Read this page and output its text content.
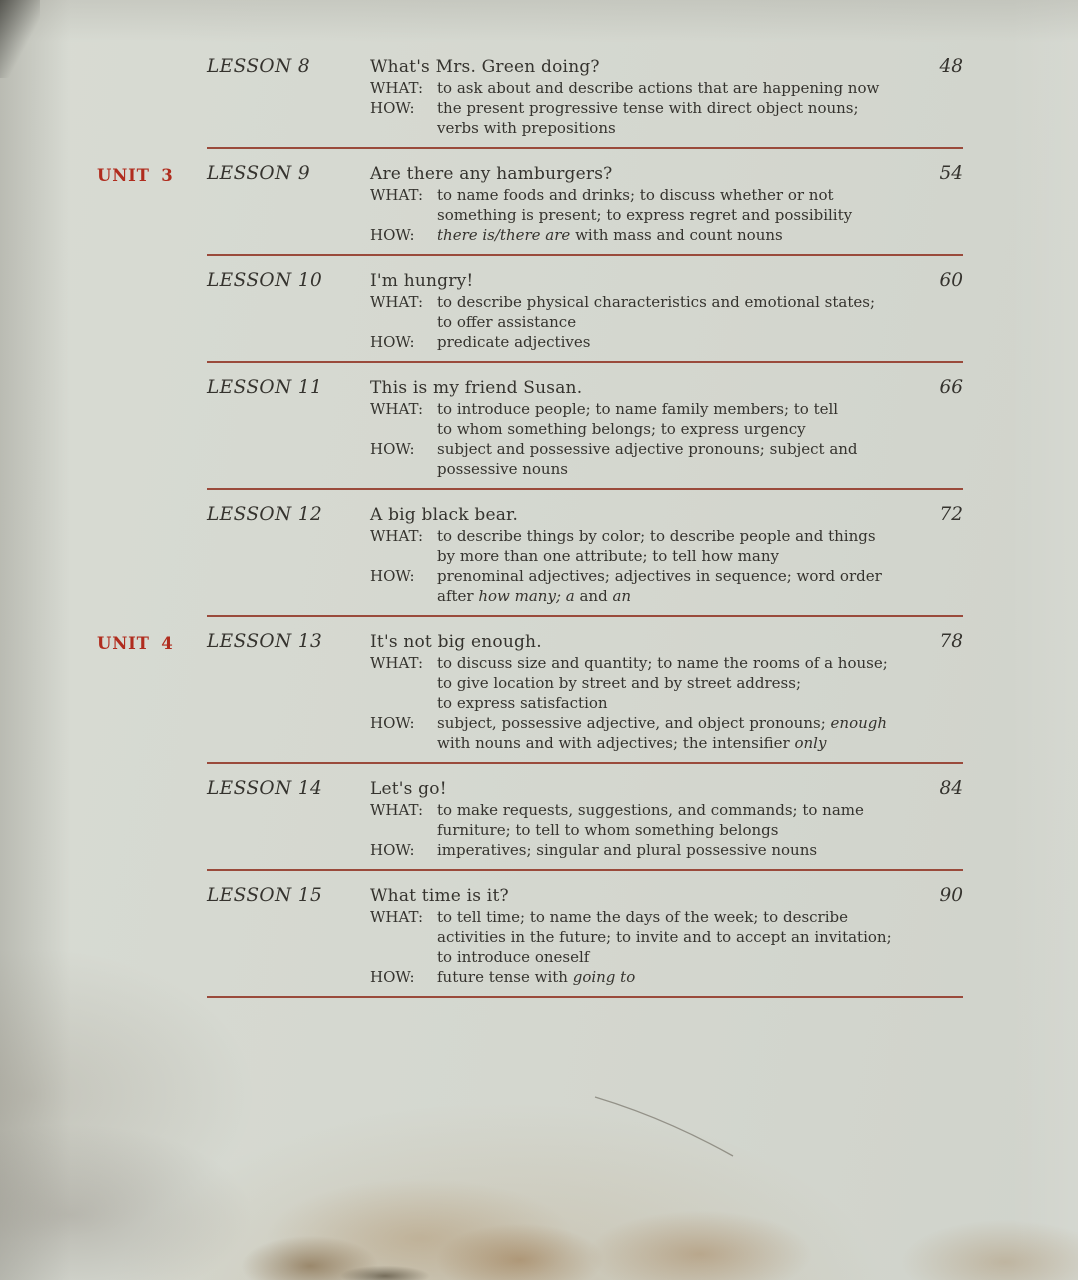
LESSON 8	What's Mrs. Green doing?	48
WHAT: to ask about and describe actions that are happening now
HOW:	the present progressive tense with direct object nouns;
verbs with prepositions
UNIT 3 LESSON 9	Are there any hamburgers?	54
WHAT: to name foods and drinks; to discuss whether or not
something is present; to express regret and possibility
HOW:	there is/there are with mass and count nouns
LESSON 10	I'm hungry!	60
WHAT: to describe physical characteristics and emotional states;
to offer assistance
HOW:	predicate adjectives
LESSON 11	This is my friend Susan.	66
WHAT: to introduce people; to name family members; to tell
to whom something belongs; to express urgency
HOW:	subject and possessive adjective pronouns; subject and
possessive nouns
LESSON 12	A big black bear.	72
WHAT: to describe things by color; to describe people and things
by more than one attribute; to tell how many
HOW:	prenominal adjectives; adjectives in sequence; word order
after how many; a and an
UNIT 4 LESSON 13	It's not big enough.	78
WHAT: to discuss size and quantity; to name the rooms of a house;
to give location by street and by street address;
to express satisfaction
HOW:	subject, possessive adjective, and object pronouns; enough
with nouns and with adjectives; the intensifier only
LESSON 14	Let's go!	84
WHAT: to make requests, suggestions, and commands; to name
furniture; to tell to whom something belongs
HOW:	imperatives; singular and plural possessive nouns
LESSON 15	What time is it?	90
WHAT: to tell time; to name the days of the week; to describe
activities in the future; to invite and to accept an invitation;
to introduce oneself
HOW:	future tense with going to
